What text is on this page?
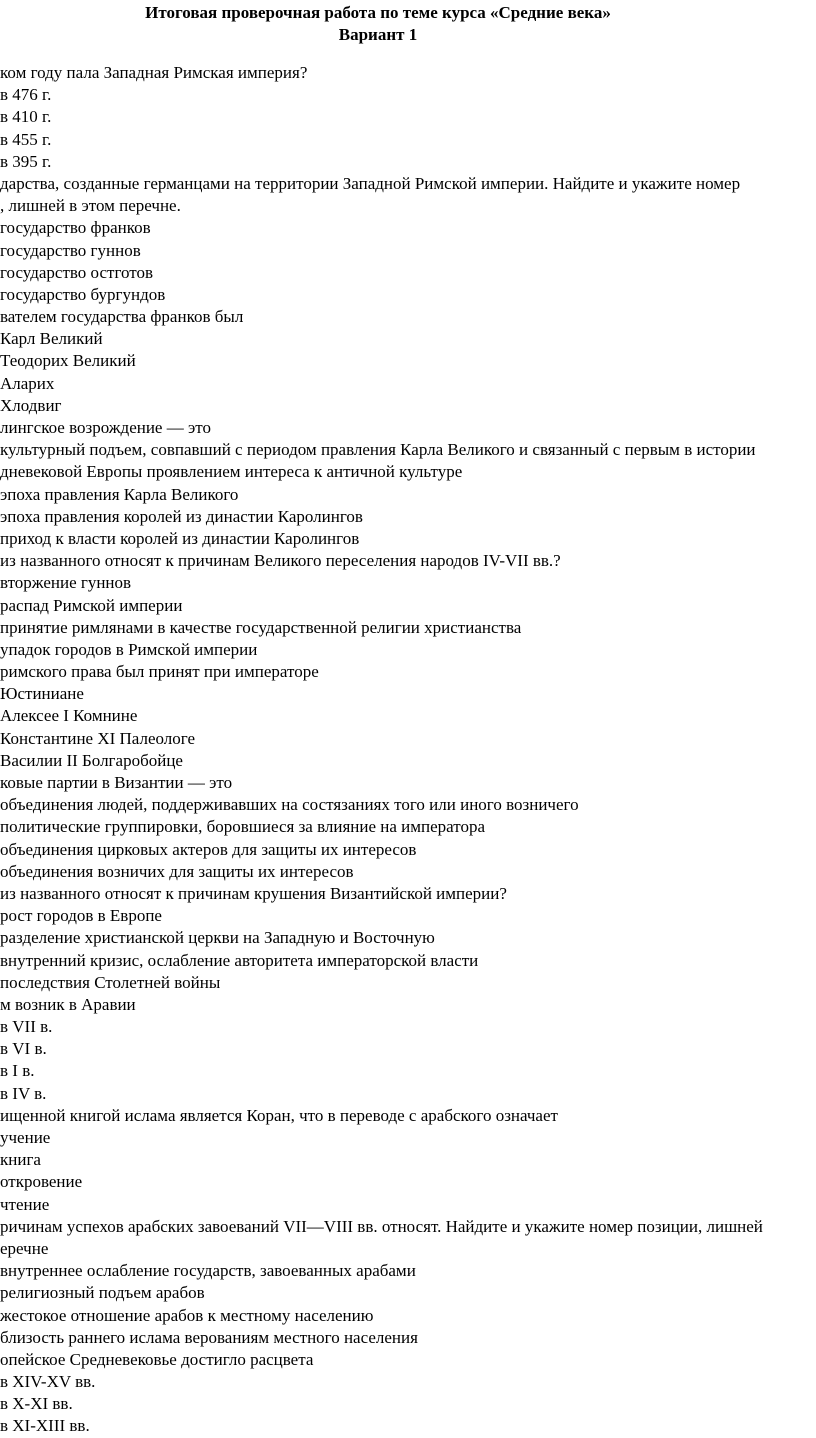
Итоговая проверочная работа по теме курса «Средние века»
Вариант 1
ком году пала Западная Римская империя?
в 476 г.
в 410 г.
в 455 г.
в 395 г.
дарства, созданные германцами на территории Западной Римской империи. Найдите и укажите номер
, лишней в этом перечне.
государство франков
государство гуннов
государство остготов
государство бургундов
вателем государства франков был
Карл Великий
Теодорих Великий
Аларих
Хлодвиг
лингское возрождение — это
культурный подъем, совпавший с периодом правления Карла Великого и связанный с первым в истории
дневековой Европы проявлением интереса к античной культуре
эпоха правления Карла Великого
эпоха правления королей из династии Каролингов
приход к власти королей из династии Каролингов
из названного относят к причинам Великого переселения народов IV-VII вв.?
вторжение гуннов
распад Римской империи
принятие римлянами в качестве государственной религии христианства
упадок городов в Римской империи
римского права был принят при императоре
Юстиниане
Алексее I Комнине
Константине XI Палеологе
Василии II Болгаробойце
ковые партии в Византии — это
объединения людей, поддерживавших на состязаниях того или иного возничего
политические группировки, боровшиеся за влияние на императора
объединения цирковых актеров для защиты их интересов
объединения возничих для защиты их интересов
из названного относят к причинам крушения Византийской империи?
рост городов в Европе
разделение христианской церкви на Западную и Восточную
внутренний кризис, ослабление авторитета императорской власти
последствия Столетней войны
м возник в Аравии
в VII в.
в VI в.
в I в.
в IV в.
ищенной книгой ислама является Коран, что в переводе с арабского означает
учение
книга
откровение
чтение
ричинам успехов арабских завоеваний VII—VIII вв. относят. Найдите и укажите номер позиции, лишней
еречне
внутреннее ослабление государств, завоеванных арабами
религиозный подъем арабов
жестокое отношение арабов к местному населению
близость раннего ислама верованиям местного населения
опейское Средневековье достигло расцвета
в XIV-XV вв.
в X-XI вв.
в XI-XIII вв.
